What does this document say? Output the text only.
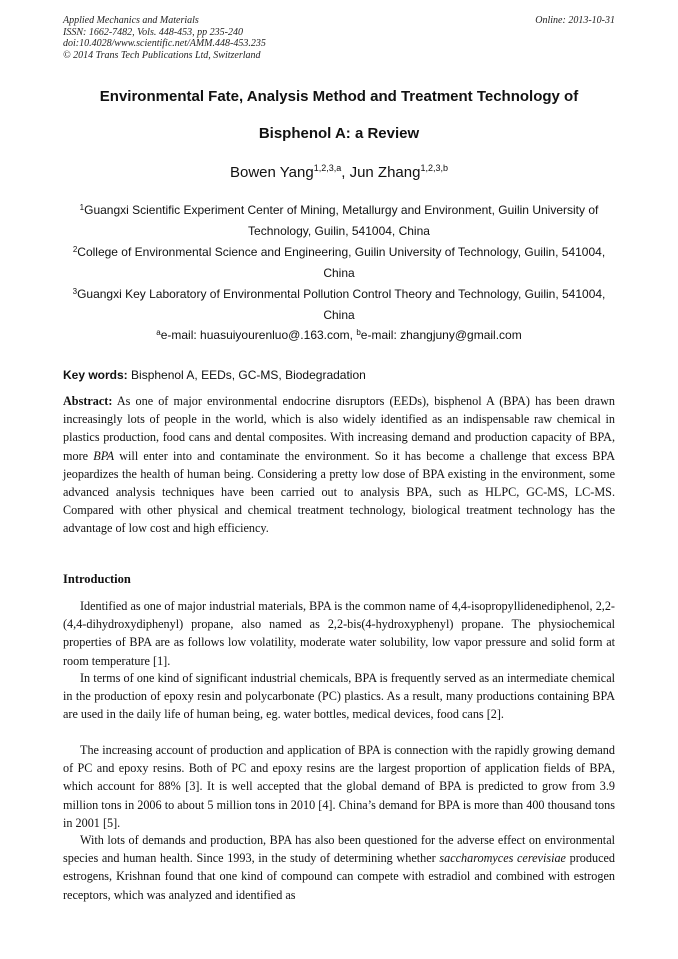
Applied Mechanics and Materials
ISSN: 1662-7482, Vols. 448-453, pp 235-240
doi:10.4028/www.scientific.net/AMM.448-453.235
© 2014 Trans Tech Publications Ltd, Switzerland
Online: 2013-10-31
Environmental Fate, Analysis Method and Treatment Technology of
Bisphenol A: a Review
Bowen Yang$^{1,2,3,a}$, Jun Zhang$^{1,2,3,b}$
$^1$Guangxi Scientific Experiment Center of Mining, Metallurgy and Environment, Guilin University of Technology, Guilin, 541004, China
$^2$College of Environmental Science and Engineering, Guilin University of Technology, Guilin, 541004, China
$^3$Guangxi Key Laboratory of Environmental Pollution Control Theory and Technology, Guilin, 541004, China
$^a$e-mail: huasuiyourenluo@.163.com, $^b$e-mail: zhangjuny@gmail.com
Key words: Bisphenol A, EEDs, GC-MS, Biodegradation

Abstract: As one of major environmental endocrine disruptors (EEDs), bisphenol A (BPA) has been drawn increasingly lots of people in the world, which is also widely identified as an indispensable raw chemical in plastics production, food cans and dental composites. With increasing demand and production capacity of BPA, more BPA will enter into and contaminate the environment. So it has become a challenge that excess BPA jeopardizes the health of human being. Considering a pretty low dose of BPA existing in the environment, some advanced analysis techniques have been carried out to analysis BPA, such as HLPC, GC-MS, LC-MS. Compared with other physical and chemical treatment technology, biological treatment technology has the advantage of low cost and high efficiency.

Introduction

Identified as one of major industrial materials, BPA is the common name of 4,4-isopropyllidenediphenol, 2,2-(4,4-dihydroxydiphenyl) propane, also named as 2,2-bis(4-hydroxyphenyl) propane. The physiochemical properties of BPA are as follows low volatility, moderate water solubility, low vapor pressure and solid form at room temperature [1].

In terms of one kind of significant industrial chemicals, BPA is frequently served as an intermediate chemical in the production of epoxy resin and polycarbonate (PC) plastics. As a result, many productions containing BPA are used in the daily life of human being, eg. water bottles, medical devices, food cans [2].

The increasing account of production and application of BPA is connection with the rapidly growing demand of PC and epoxy resins. Both of PC and epoxy resins are the largest proportion of application fields of BPA, which account for 88% [3]. It is well accepted that the global demand of BPA is predicted to grow from 3.9 million tons in 2006 to about 5 million tons in 2010 [4]. China’s demand for BPA is more than 400 thousand tons in 2001 [5].

With lots of demands and production, BPA has also been questioned for the adverse effect on environmental species and human health. Since 1993, in the study of determining whether saccharomyces cerevisiae produced estrogens, Krishnan found that one kind of compound can compete with estradiol and combined with estrogen receptors, which was analyzed and identified as
